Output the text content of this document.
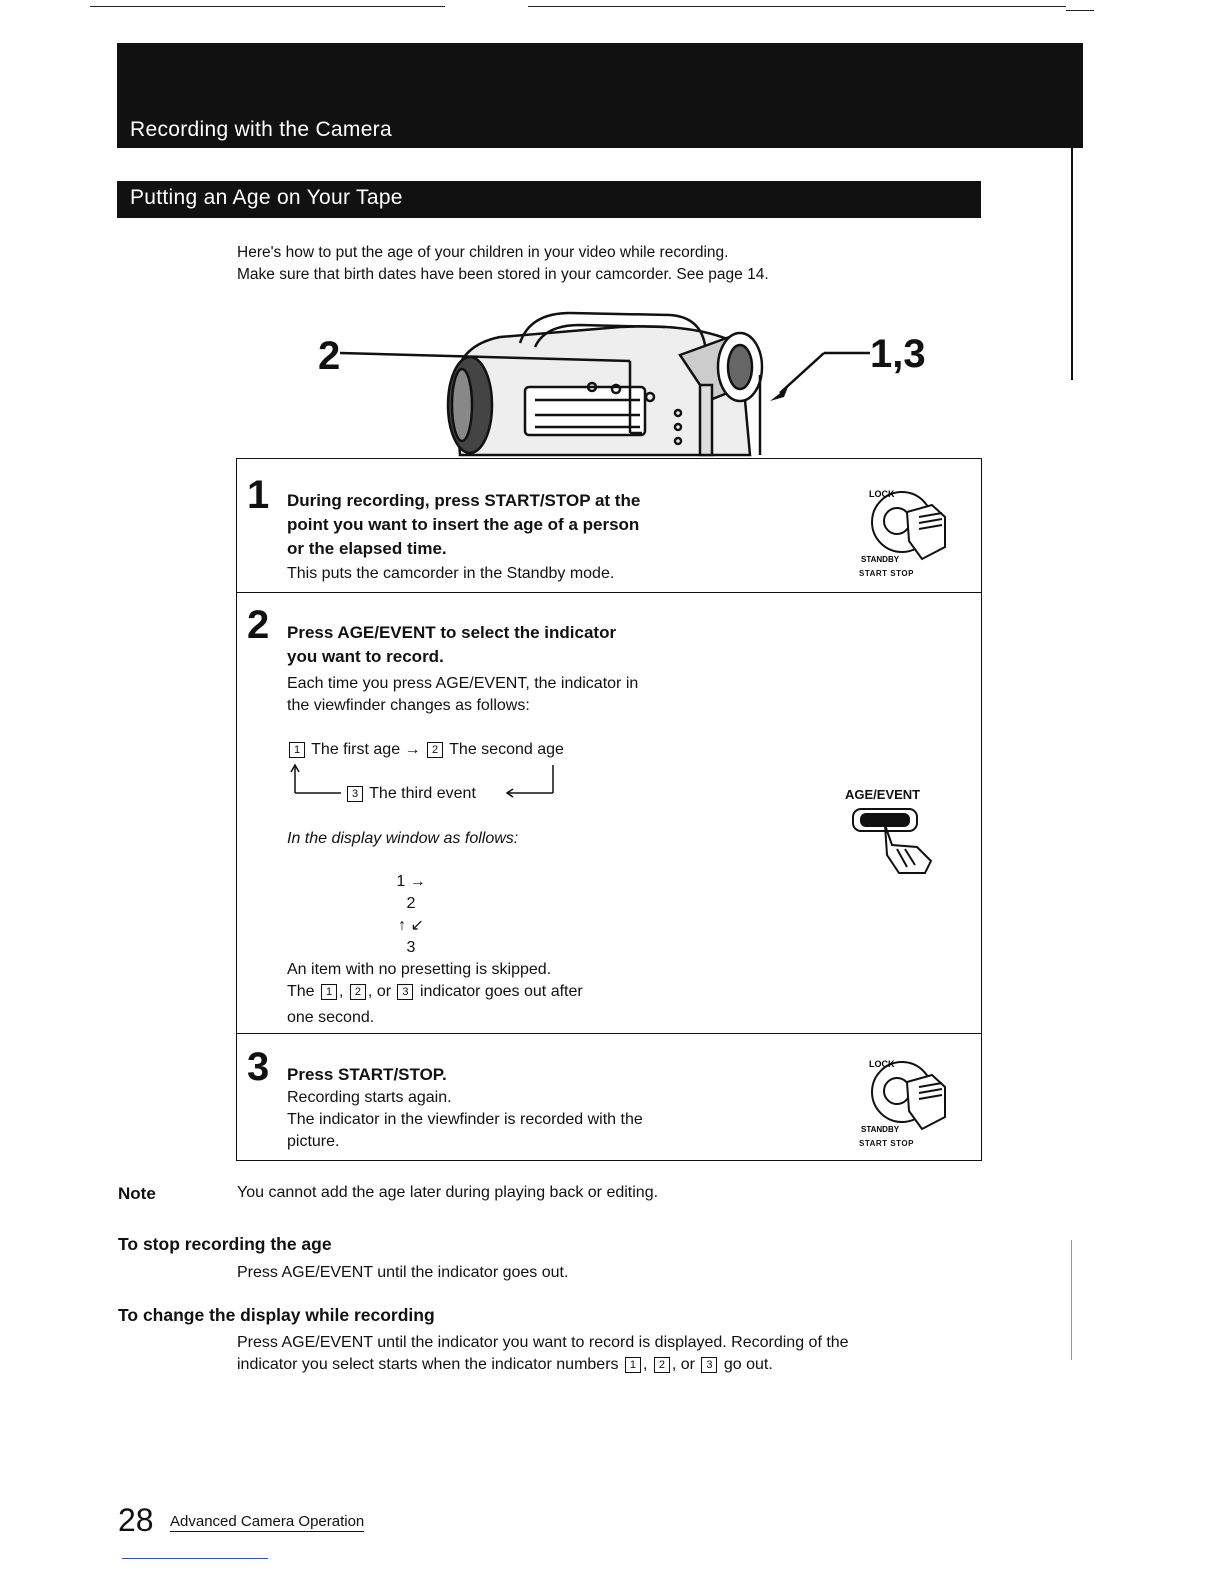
Recording with the Camera
Putting an Age on Your Tape
Here's how to put the age of your children in your video while recording.
Make sure that birth dates have been stored in your camcorder. See page 14.
2	1,3
1 During recording, press START/STOP at the
point you want to insert the age of a person
or the elapsed time.
This puts the camcorder in the Standby mode.
LOCK
STANDBY
START STOP
2 Press AGE/EVENT to select the indicator
you want to record.
Each time you press AGE/EVENT, the indicator in
the viewfinder changes as follows:
1 The first age → 2 The second age
3 The third event
In the display window as follows:
1 → 2
↑ ↙
3
An item with no presetting is skipped.
The 1 , 2 , or 3 indicator goes out after
one second.
AGE/EVENT
3 Press START/STOP.
Recording starts again.
The indicator in the viewfinder is recorded with the
picture.
LOCK
STANDBY
START STOP
Note	You cannot add the age later during playing back or editing.
To stop recording the age
Press AGE/EVENT until the indicator goes out.
To change the display while recording
Press AGE/EVENT until the indicator you want to record is displayed. Recording of the
indicator you select starts when the indicator numbers 1 , 2 , or 3 go out.
28 Advanced Camera Operation
